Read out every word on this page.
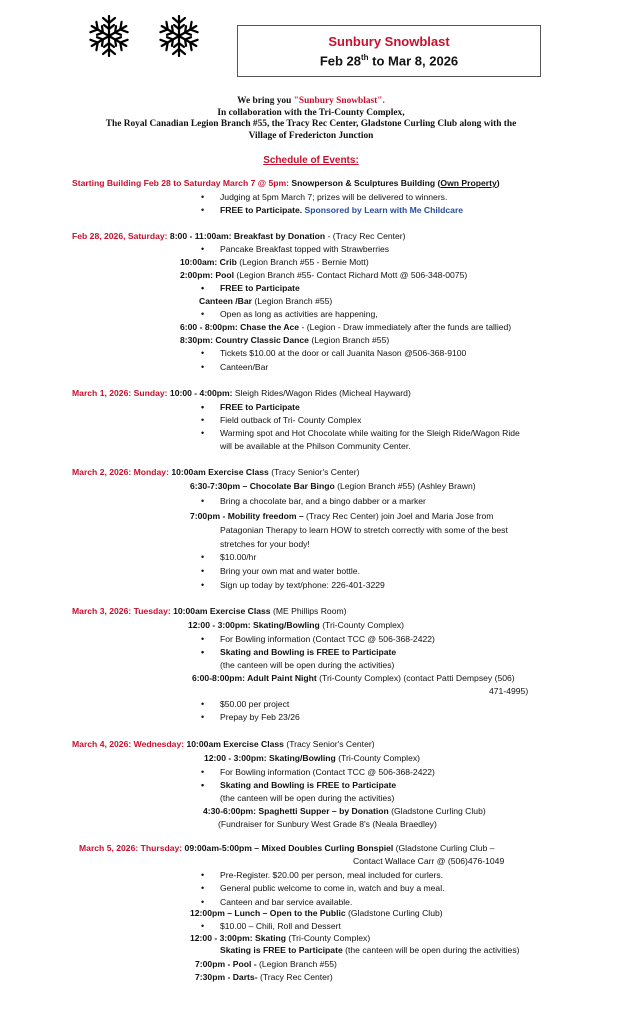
Sunbury Snowblast
Feb 28th to Mar 8, 2026
We bring you "Sunbury Snowblast".
In collaboration with the Tri-County Complex,
The Royal Canadian Legion Branch #55, the Tracy Rec Center, Gladstone Curling Club along with the
Village of Fredericton Junction
Schedule of Events:
Starting Building Feb 28 to Saturday March 7 @ 5pm: Snowperson & Sculptures Building (Own Property)
• Judging at 5pm March 7; prizes will be delivered to winners.
• FREE to Participate. Sponsored by Learn with Me Childcare
Feb 28, 2026, Saturday: 8:00 - 11:00am: Breakfast by Donation - (Tracy Rec Center)
• Pancake Breakfast topped with Strawberries
10:00am: Crib (Legion Branch #55 - Bernie Mott)
2:00pm: Pool (Legion Branch #55- Contact Richard Mott @ 506-348-0075)
• FREE to Participate
Canteen /Bar (Legion Branch #55)
• Open as long as activities are happening,
6:00 - 8:00pm: Chase the Ace - (Legion - Draw immediately after the funds are tallied)
8:30pm: Country Classic Dance (Legion Branch #55)
• Tickets $10.00 at the door or call Juanita Nason @506-368-9100
• Canteen/Bar
March 1, 2026: Sunday: 10:00 - 4:00pm: Sleigh Rides/Wagon Rides (Micheal Hayward)
• FREE to Participate
• Field outback of Tri- County Complex
• Warming spot and Hot Chocolate while waiting for the Sleigh Ride/Wagon Ride
will be available at the Philson Community Center.
March 2, 2026: Monday: 10:00am Exercise Class (Tracy Senior's Center)
6:30-7:30pm – Chocolate Bar Bingo (Legion Branch #55) (Ashley Brawn)
• Bring a chocolate bar, and a bingo dabber or a marker
7:00pm - Mobility freedom – (Tracy Rec Center) join Joel and Maria Jose from
Patagonian Therapy to learn HOW to stretch correctly with some of the best
stretches for your body!
• $10.00/hr
• Bring your own mat and water bottle.
• Sign up today by text/phone: 226-401-3229
March 3, 2026: Tuesday: 10:00am Exercise Class (ME Phillips Room)
12:00 - 3:00pm: Skating/Bowling (Tri-County Complex)
• For Bowling information (Contact TCC @ 506-368-2422)
• Skating and Bowling is FREE to Participate
(the canteen will be open during the activities)
6:00-8:00pm: Adult Paint Night (Tri-County Complex) (contact Patti Dempsey (506)
471-4995)
• $50.00 per project
• Prepay by Feb 23/26
March 4, 2026: Wednesday: 10:00am Exercise Class (Tracy Senior's Center)
12:00 - 3:00pm: Skating/Bowling (Tri-County Complex)
• For Bowling information (Contact TCC @ 506-368-2422)
• Skating and Bowling is FREE to Participate
(the canteen will be open during the activities)
4:30-6:00pm: Spaghetti Supper – by Donation (Gladstone Curling Club)
(Fundraiser for Sunbury West Grade 8's (Neala Braedley)
March 5, 2026: Thursday: 09:00am-5:00pm – Mixed Doubles Curling Bonspiel (Gladstone Curling Club –
Contact Wallace Carr @ (506)476-1049
• Pre-Register. $20.00 per person, meal included for curlers.
• General public welcome to come in, watch and buy a meal.
• Canteen and bar service available.
12:00pm – Lunch – Open to the Public (Gladstone Curling Club)
• $10.00 – Chili, Roll and Dessert
12:00 - 3:00pm: Skating (Tri-County Complex)
Skating is FREE to Participate (the canteen will be open during the activities)
7:00pm - Pool - (Legion Branch #55)
7:30pm - Darts- (Tracy Rec Center)
